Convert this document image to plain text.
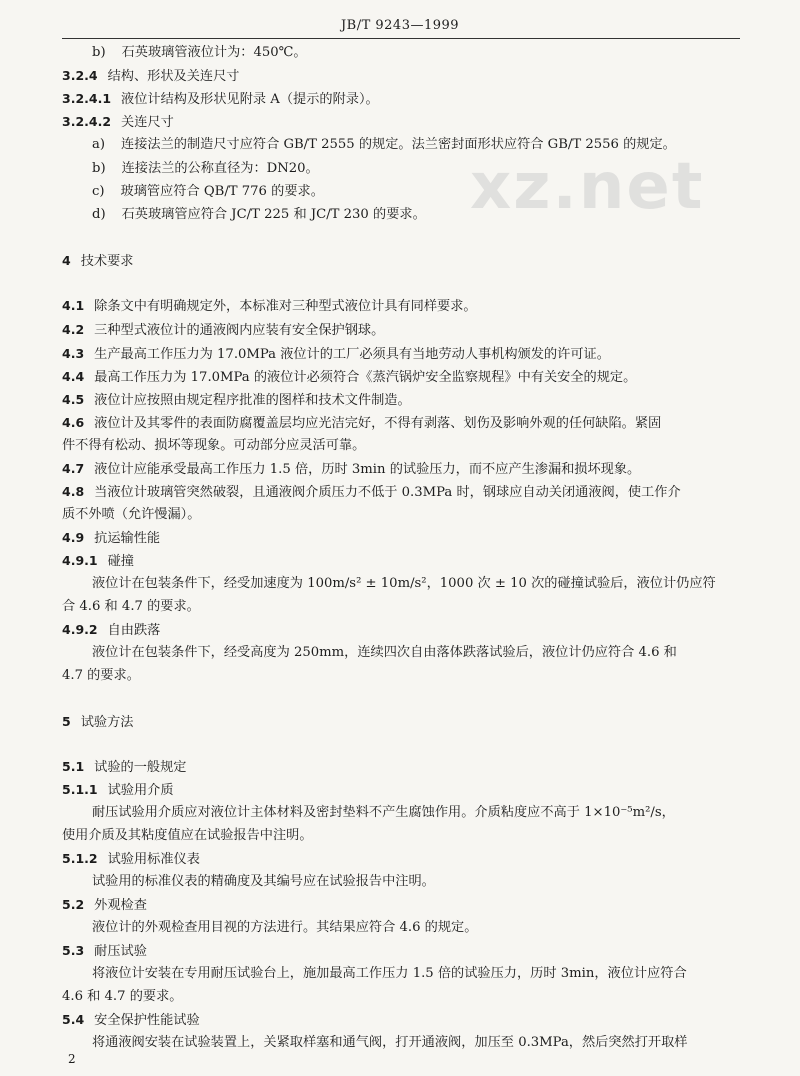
JB/T 9243—1999
xz.net
b) 石英玻璃管液位计为：450℃。
3.2.4 结构、形状及关连尺寸
3.2.4.1 液位计结构及形状见附录 A（提示的附录）。
3.2.4.2 关连尺寸
a) 连接法兰的制造尺寸应符合 GB/T 2555 的规定。法兰密封面形状应符合 GB/T 2556 的规定。
b) 连接法兰的公称直径为：DN20。
c) 玻璃管应符合 QB/T 776 的要求。
d) 石英玻璃管应符合 JC/T 225 和 JC/T 230 的要求。
4 技术要求
4.1 除条文中有明确规定外，本标准对三种型式液位计具有同样要求。
4.2 三种型式液位计的通液阀内应装有安全保护钢球。
4.3 生产最高工作压力为 17.0MPa 液位计的工厂必须具有当地劳动人事机构颁发的许可证。
4.4 最高工作压力为 17.0MPa 的液位计必须符合《蒸汽锅炉安全监察规程》中有关安全的规定。
4.5 液位计应按照由规定程序批准的图样和技术文件制造。
4.6 液位计及其零件的表面防腐覆盖层均应光洁完好，不得有剥落、划伤及影响外观的任何缺陷。紧固
件不得有松动、损坏等现象。可动部分应灵活可靠。
4.7 液位计应能承受最高工作压力 1.5 倍，历时 3min 的试验压力，而不应产生渗漏和损坏现象。
4.8 当液位计玻璃管突然破裂，且通液阀介质压力不低于 0.3MPa 时，钢球应自动关闭通液阀，使工作介
质不外喷（允许慢漏）。
4.9 抗运输性能
4.9.1 碰撞
液位计在包装条件下，经受加速度为 100m/s² ± 10m/s²，1000 次 ± 10 次的碰撞试验后，液位计仍应符
合 4.6 和 4.7 的要求。
4.9.2 自由跌落
液位计在包装条件下，经受高度为 250mm，连续四次自由落体跌落试验后，液位计仍应符合 4.6 和
4.7 的要求。
5 试验方法
5.1 试验的一般规定
5.1.1 试验用介质
耐压试验用介质应对液位计主体材料及密封垫料不产生腐蚀作用。介质粘度应不高于 1×10⁻⁵m²/s，
使用介质及其粘度值应在试验报告中注明。
5.1.2 试验用标准仪表
试验用的标准仪表的精确度及其编号应在试验报告中注明。
5.2 外观检查
液位计的外观检查用目视的方法进行。其结果应符合 4.6 的规定。
5.3 耐压试验
将液位计安装在专用耐压试验台上，施加最高工作压力 1.5 倍的试验压力，历时 3min，液位计应符合
4.6 和 4.7 的要求。
5.4 安全保护性能试验
将通液阀安装在试验装置上，关紧取样塞和通气阀，打开通液阀，加压至 0.3MPa，然后突然打开取样
2
